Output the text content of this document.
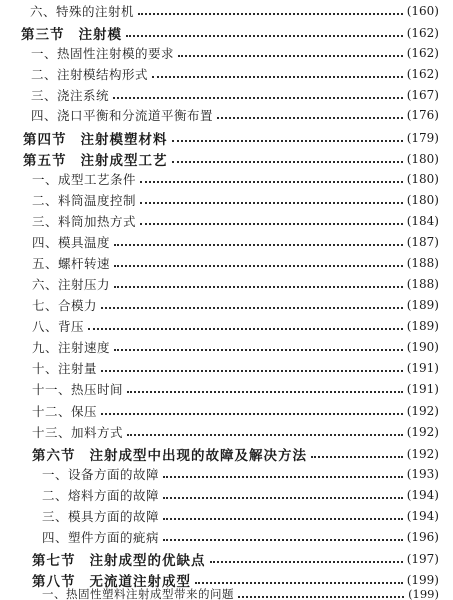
六、特殊的注射机	(160)
第三节 注射模	(162)
一、热固性注射模的要求	(162)
二、注射模结构形式	(162)
三、浇注系统	(167)
四、浇口平衡和分流道平衡布置	(176)
第四节 注射模塑材料	(179)
第五节 注射成型工艺	(180)
一、成型工艺条件	(180)
二、料筒温度控制	(180)
三、料筒加热方式	(184)
四、模具温度	(187)
五、螺杆转速	(188)
六、注射压力	(188)
七、合模力	(189)
八、背压	(189)
九、注射速度	(190)
十、注射量	(191)
十一、热压时间	(191)
十二、保压	(192)
十三、加料方式	(192)
第六节 注射成型中出现的故障及解决方法	(192)
一、设备方面的故障	(193)
二、熔料方面的故障	(194)
三、模具方面的故障	(194)
四、塑件方面的疵病	(196)
第七节 注射成型的优缺点	(197)
第八节 无流道注射成型	(199)
一、热固性塑料注射成型带来的问题	(199)
